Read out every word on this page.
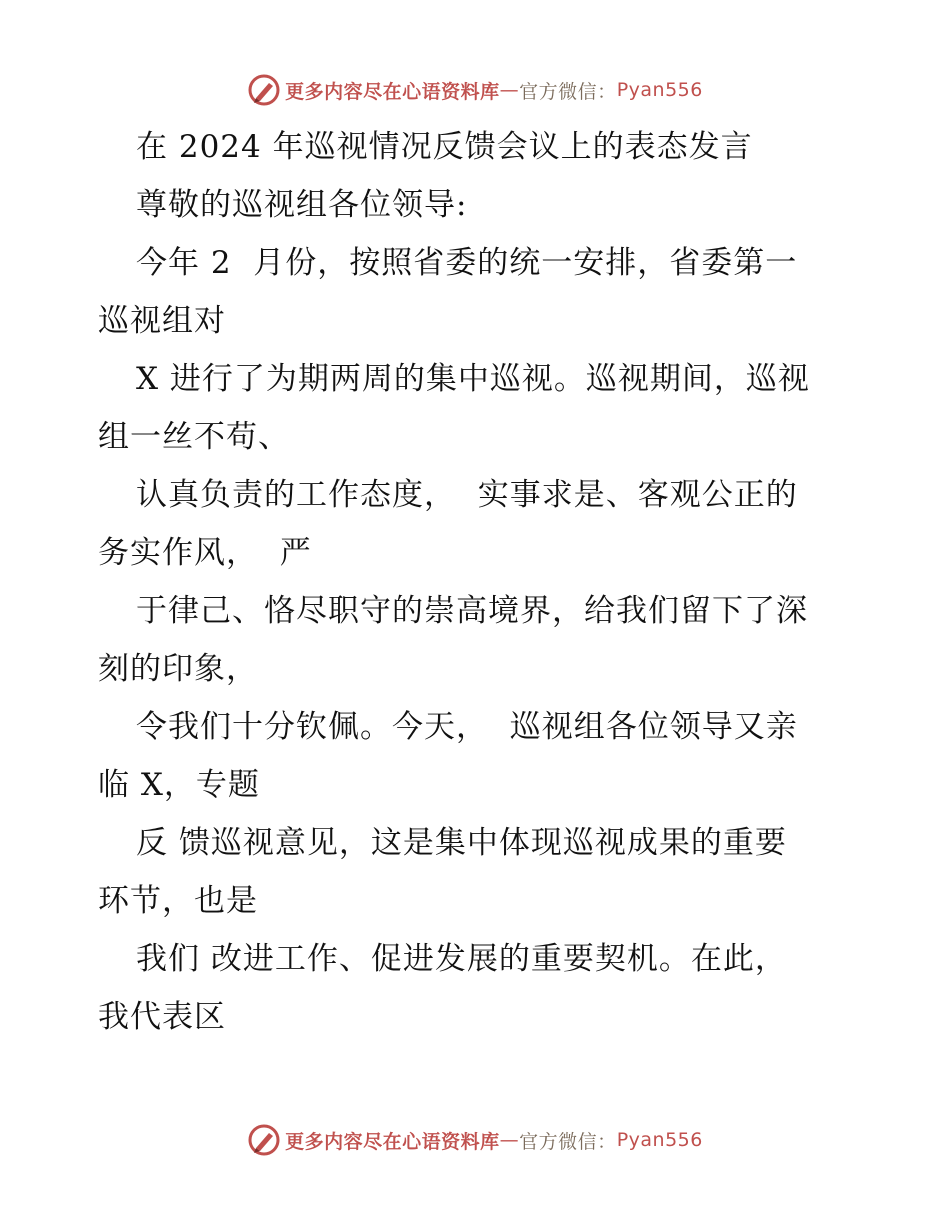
更多内容尽在心语资料库 — 官方微信： Pyan556
在 2024 年巡视情况反馈会议上的表态发言
尊敬的巡视组各位领导:
今年 2  月份，按照省委的统一安排，省委第一
巡视组对
X 进行了为期两周的集中巡视。巡视期间，巡视
组一丝不苟、
认真负责的工作态度，  实事求是、客观公正的
务实作风，  严
于律己、恪尽职守的崇高境界，给我们留下了深
刻的印象，
令我们十分钦佩。今天，  巡视组各位领导又亲
临 X，专题
反 馈巡视意见，这是集中体现巡视成果的重要
环节，也是
我们 改进工作、促进发展的重要契机。在此，
我代表区
更多内容尽在心语资料库 — 官方微信： Pyan556
